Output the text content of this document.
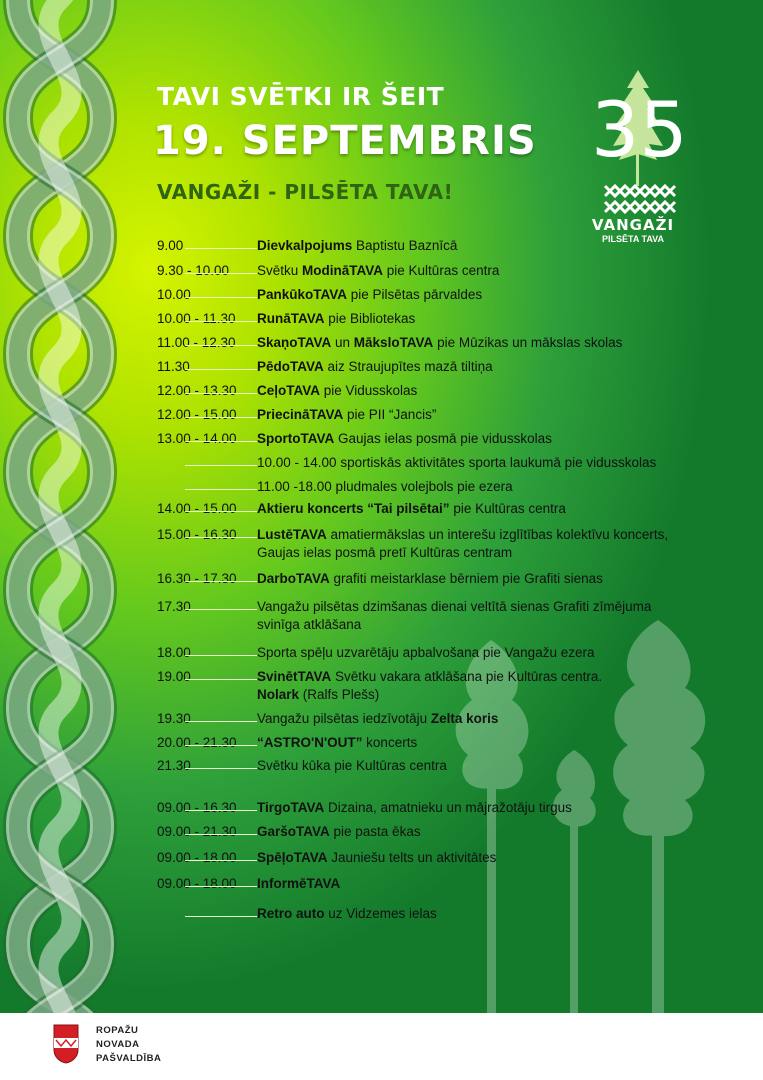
TAVI SVĒTKI IR ŠEIT
19. SEPTEMBRIS
VANGAŽI - PILSĒTA TAVA!
35
VANGAŽI
PILSĒTA TAVA
9.00	Dievkalpojums Baptistu Baznīcā
9.30 - 10.00 Svētku ModināTAVA pie Kultūras centra
10.00	PankūkoTAVA pie Pilsētas pārvaldes
10.00 - 11.30 RunāTAVA pie Bibliotekas
11.00 - 12.30 SkaņoTAVA un MākslоTAVA pie Mūzikas un mākslas skolas
11.30	PēdoTAVA aiz Straujupītes mazā tiltiņa
12.00 - 13.30 CeļoTAVA pie Vidusskolas
12.00 - 15.00 PriecināTAVA pie PII “Jancis”
13.00 - 14.00 SportoTAVA Gaujas ielas posmā pie vidusskolas
10.00 - 14.00 sportiskās aktivitātes sporta laukumā pie vidusskolas
11.00 -18.00 pludmales volejbols pie ezera
14.00 - 15.00 Aktieru koncerts “Tai pilsētai” pie Kultūras centra
15.00 - 16.30 LustēTAVA amatiermākslas un interešu izglītības kolektīvu koncerts,
Gaujas ielas posmā pretī Kultūras centram
16.30 - 17.30 DarboTAVA grafiti meistarklase bērniem pie Grafiti sienas
17.30	Vangažu pilsētas dzimšanas dienai veltītā sienas Grafiti zīmējuma
svinīga atklāšana
18.00	Sporta spēļu uzvarētāju apbalvošana pie Vangažu ezera
19.00	SvinētTAVA Svētku vakara atklāšana pie Kultūras centra.
Nolark (Ralfs Plešs)
19.30	Vangažu pilsētas iedzīvotāju Zelta koris
20.00 - 21.30 “ASTRO'N'OUT” koncerts
21.30	Svētku kūka pie Kultūras centra
09.00 - 16.30 TirgoTAVA Dizaina, amatnieku un mājražotāju tirgus
09.00 - 21.30 GaršoTAVA pie pasta ēkas
09.00 - 18.00 SpēļoTAVA Jauniešu telts un aktivitātes
09.00 - 18.00 InformēTAVA
Retro auto uz Vidzemes ielas
ROPAŽU
NOVADA
PAŠVALDĪBA
